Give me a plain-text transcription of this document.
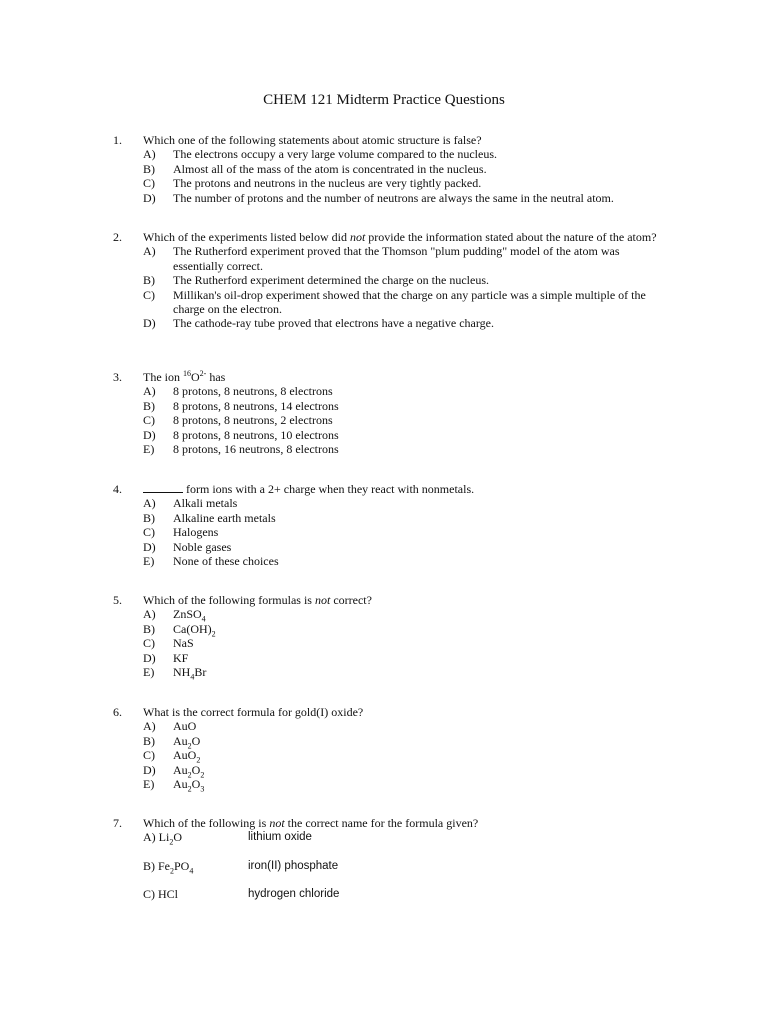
CHEM 121 Midterm Practice Questions
1.	Which one of the following statements about atomic structure is false?
A)	The electrons occupy a very large volume compared to the nucleus.
B)	Almost all of the mass of the atom is concentrated in the nucleus.
C)	The protons and neutrons in the nucleus are very tightly packed.
D)	The number of protons and the number of neutrons are always the same in the neutral atom.
2.	Which of the experiments listed below did not provide the information stated about the nature of the atom?
A)	The Rutherford experiment proved that the Thomson "plum pudding" model of the atom was essentially correct.
B)	The Rutherford experiment determined the charge on the nucleus.
C)	Millikan's oil-drop experiment showed that the charge on any particle was a simple multiple of the charge on the electron.
D)	The cathode-ray tube proved that electrons have a negative charge.
3.	The ion $^{16}O^{2-}$ has
A)	8 protons, 8 neutrons, 8 electrons
B)	8 protons, 8 neutrons, 14 electrons
C)	8 protons, 8 neutrons, 2 electrons
D)	8 protons, 8 neutrons, 10 electrons
E)	8 protons, 16 neutrons, 8 electrons
4.	form ions with a 2+ charge when they react with nonmetals.
A)	Alkali metals
B)	Alkaline earth metals
C)	Halogens
D)	Noble gases
E)	None of these choices
5.	Which of the following formulas is not correct?
A)	ZnSO$_4$
B)	$Ca(OH)_2$
C)	NaS
D)	KF
E)	$NH_4Br$
6.	What is the correct formula for gold(I) oxide?
A)	AuO
B)	$Au_2O$
C)	AuO$_2$
D)	$Au_2O_2$
E)	$Au_2O_3$
7.	Which of the following is not the correct name for the formula given?
A) $Li_2O$	lithium oxide
B) $Fe_2PO_4$	iron(II) phosphate
C) HCl	hydrogen chloride
